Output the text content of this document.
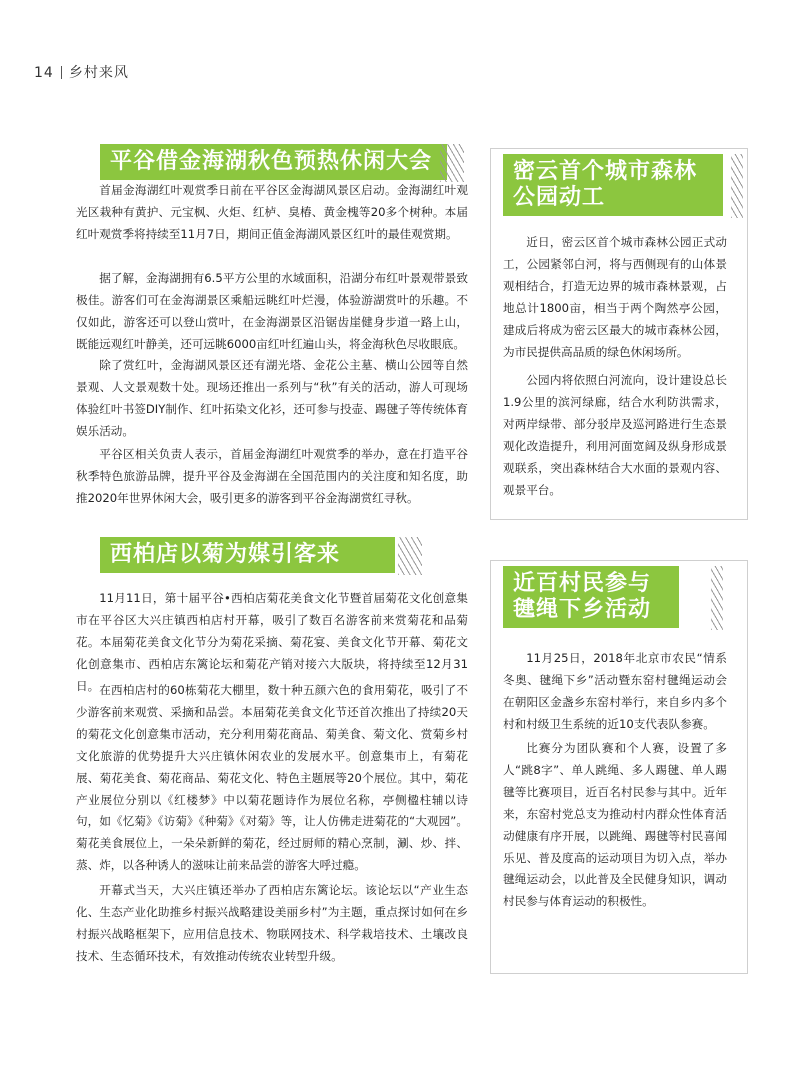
14 乡村来风
平谷借金海湖秋色预热休闲大会

首届金海湖红叶观赏季日前在平谷区金海湖风景区启动。金海湖红叶观光区栽种有黄护、元宝枫、火炬、红栌、臭椿、黄金槐等20多个树种。本届红叶观赏季将持续至11月7日，期间正值金海湖风景区红叶的最佳观赏期。

据了解，金海湖拥有6.5平方公里的水域面积，沿湖分布红叶景观带景致极佳。游客们可在金海湖景区乘船远眺红叶烂漫，体验游湖赏叶的乐趣。不仅如此，游客还可以登山赏叶，在金海湖景区沿锯齿崖健身步道一路上山，既能远观红叶静美，还可远眺6000亩红叶红遍山头，将金海秋色尽收眼底。

除了赏红叶，金海湖风景区还有湖光塔、金花公主墓、横山公园等自然景观、人文景观数十处。现场还推出一系列与“秋”有关的活动，游人可现场体验红叶书签DIY制作、红叶拓染文化衫，还可参与投壶、踢毽子等传统体育娱乐活动。

平谷区相关负责人表示，首届金海湖红叶观赏季的举办，意在打造平谷秋季特色旅游品牌，提升平谷及金海湖在全国范围内的关注度和知名度，助推2020年世界休闲大会，吸引更多的游客到平谷金海湖赏红寻秋。

西柏店以菊为媒引客来

11月11日，第十届平谷•西柏店菊花美食文化节暨首届菊花文化创意集市在平谷区大兴庄镇西柏店村开幕，吸引了数百名游客前来赏菊花和品菊花。本届菊花美食文化节分为菊花采摘、菊花宴、美食文化节开幕、菊花文化创意集市、西柏店东篱论坛和菊花产销对接六大版块，将持续至12月31日。 在西柏店村的60栋菊花大棚里，数十种五颜六色的食用菊花，吸引了不少游客前来观赏、采摘和品尝。本届菊花美食文化节还首次推出了持续20天的菊花文化创意集市活动，充分利用菊花商品、菊美食、菊文化、赏菊乡村文化旅游的优势提升大兴庄镇休闲农业的发展水平。创意集市上，有菊花展、菊花美食、菊花商品、菊花文化、特色主题展等20个展位。其中，菊花产业展位分别以《红楼梦》中以菊花题诗作为展位名称，亭侧楹柱辅以诗句，如《忆菊》《访菊》《种菊》《对菊》等，让人仿佛走进菊花的“大观园”。菊花美食展位上，一朵朵新鲜的菊花，经过厨师的精心烹制，涮、炒、拌、蒸、炸，以各种诱人的滋味让前来品尝的游客大呼过瘾。

开幕式当天，大兴庄镇还举办了西柏店东篱论坛。该论坛以“产业生态化、生态产业化助推乡村振兴战略建设美丽乡村”为主题，重点探讨如何在乡村振兴战略框架下，应用信息技术、物联网技术、科学栽培技术、土壤改良技术、生态循环技术，有效推动传统农业转型升级。

密云首个城市森林公园动工

近日，密云区首个城市森林公园正式动工，公园紧邻白河，将与西侧现有的山体景观相结合，打造无边界的城市森林景观，占地总计1800亩，相当于两个陶然亭公园，建成后将成为密云区最大的城市森林公园，为市民提供高品质的绿色休闲场所。

公园内将依照白河流向，设计建设总长1.9公里的滨河绿廊，结合水利防洪需求，对两岸绿带、部分驳岸及巡河路进行生态景观化改造提升，利用河面宽阔及纵身形成景观联系，突出森林结合大水面的景观内容、观景平台。

近百村民参与毽绳下乡活动

11月25日，2018年北京市农民“情系冬奥、毽绳下乡”活动暨东窑村毽绳运动会在朝阳区金盏乡东窑村举行，来自乡内多个村和村级卫生系统的近10支代表队参赛。

比赛分为团队赛和个人赛，设置了多人“跳8字”、单人跳绳、多人踢毽、单人踢毽等比赛项目，近百名村民参与其中。近年来，东窑村党总支为推动村内群众性体育活动健康有序开展，以跳绳、踢毽等村民喜闻乐见、普及度高的运动项目为切入点，举办毽绳运动会，以此普及全民健身知识，调动村民参与体育运动的积极性。
